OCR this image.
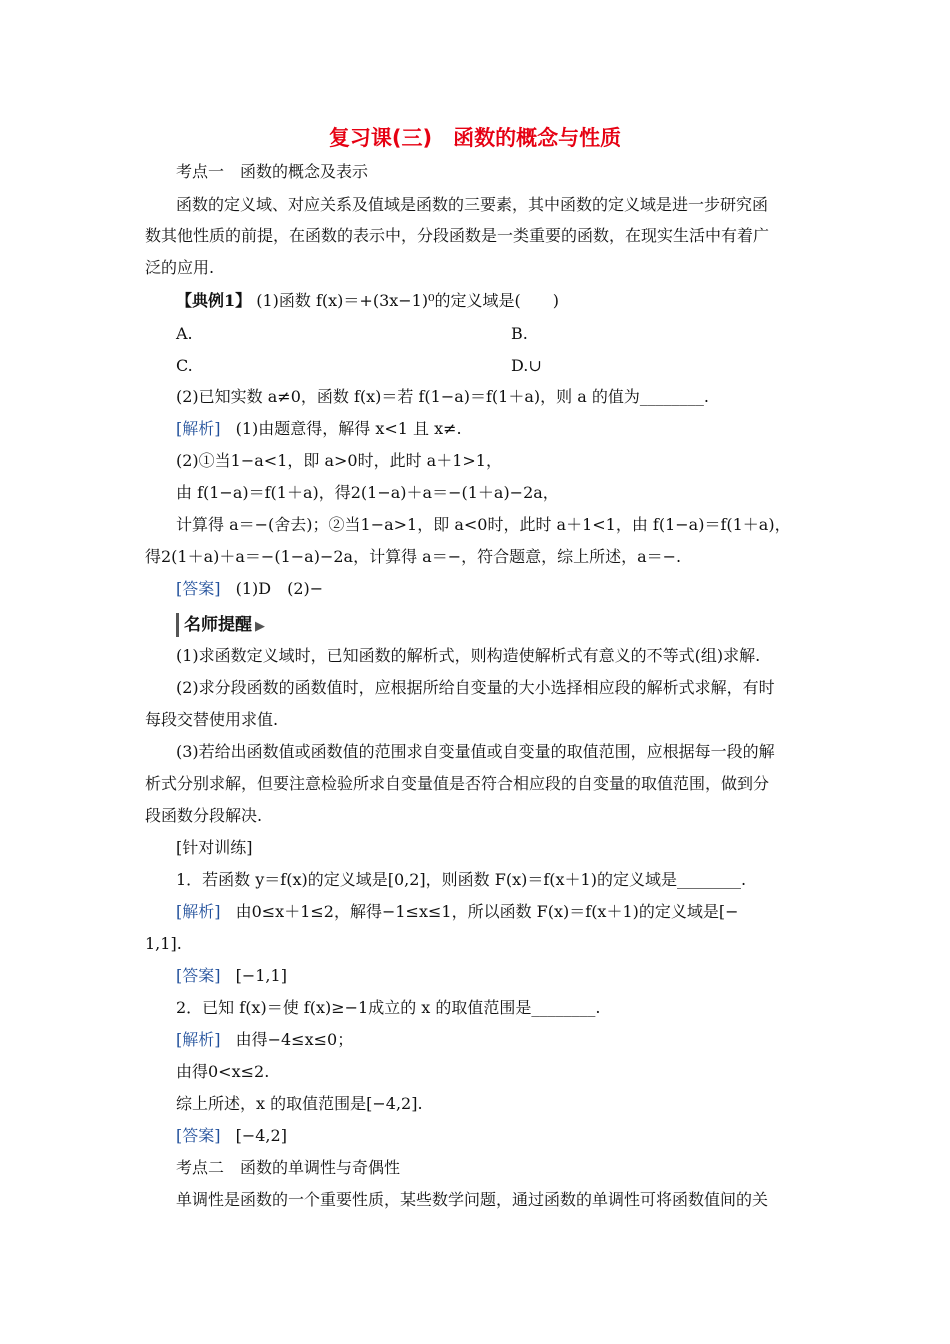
复习课(三)　函数的概念与性质
考点一　函数的概念及表示
函数的定义域、对应关系及值域是函数的三要素，其中函数的定义域是进一步研究函
数其他性质的前提，在函数的表示中，分段函数是一类重要的函数，在现实生活中有着广
泛的应用.
【典例1】 (1)函数 f(x)＝+(3x−1)⁰的定义域是(　　)
A.	B.
C.	D.∪
(2)已知实数 a≠0，函数 f(x)＝若 f(1−a)＝f(1＋a)，则 a 的值为________.
[解析] (1)由题意得，解得 x<1 且 x≠.
(2)①当1−a<1，即 a>0时，此时 a＋1>1，
由 f(1−a)＝f(1＋a)，得2(1−a)＋a＝−(1＋a)−2a，
计算得 a＝−(舍去)；②当1−a>1，即 a<0时，此时 a＋1<1，由 f(1−a)＝f(1＋a)，
得2(1＋a)＋a＝−(1−a)−2a，计算得 a＝−，符合题意，综上所述，a＝−.
[答案] (1)D　(2)−
名师提醒 ▶
(1)求函数定义域时，已知函数的解析式，则构造使解析式有意义的不等式(组)求解.
(2)求分段函数的函数值时，应根据所给自变量的大小选择相应段的解析式求解，有时
每段交替使用求值.
(3)若给出函数值或函数值的范围求自变量值或自变量的取值范围，应根据每一段的解
析式分别求解，但要注意检验所求自变量值是否符合相应段的自变量的取值范围，做到分
段函数分段解决.
[针对训练]
1．若函数 y＝f(x)的定义域是[0,2]，则函数 F(x)＝f(x＋1)的定义域是________.
[解析] 由0≤x＋1≤2，解得−1≤x≤1，所以函数 F(x)＝f(x＋1)的定义域是[−
1,1].
[答案] [−1,1]
2．已知 f(x)＝使 f(x)≥−1成立的 x 的取值范围是________.
[解析] 由得−4≤x≤0；
由得0<x≤2.
综上所述，x 的取值范围是[−4,2].
[答案] [−4,2]
考点二　函数的单调性与奇偶性
单调性是函数的一个重要性质，某些数学问题，通过函数的单调性可将函数值间的关
